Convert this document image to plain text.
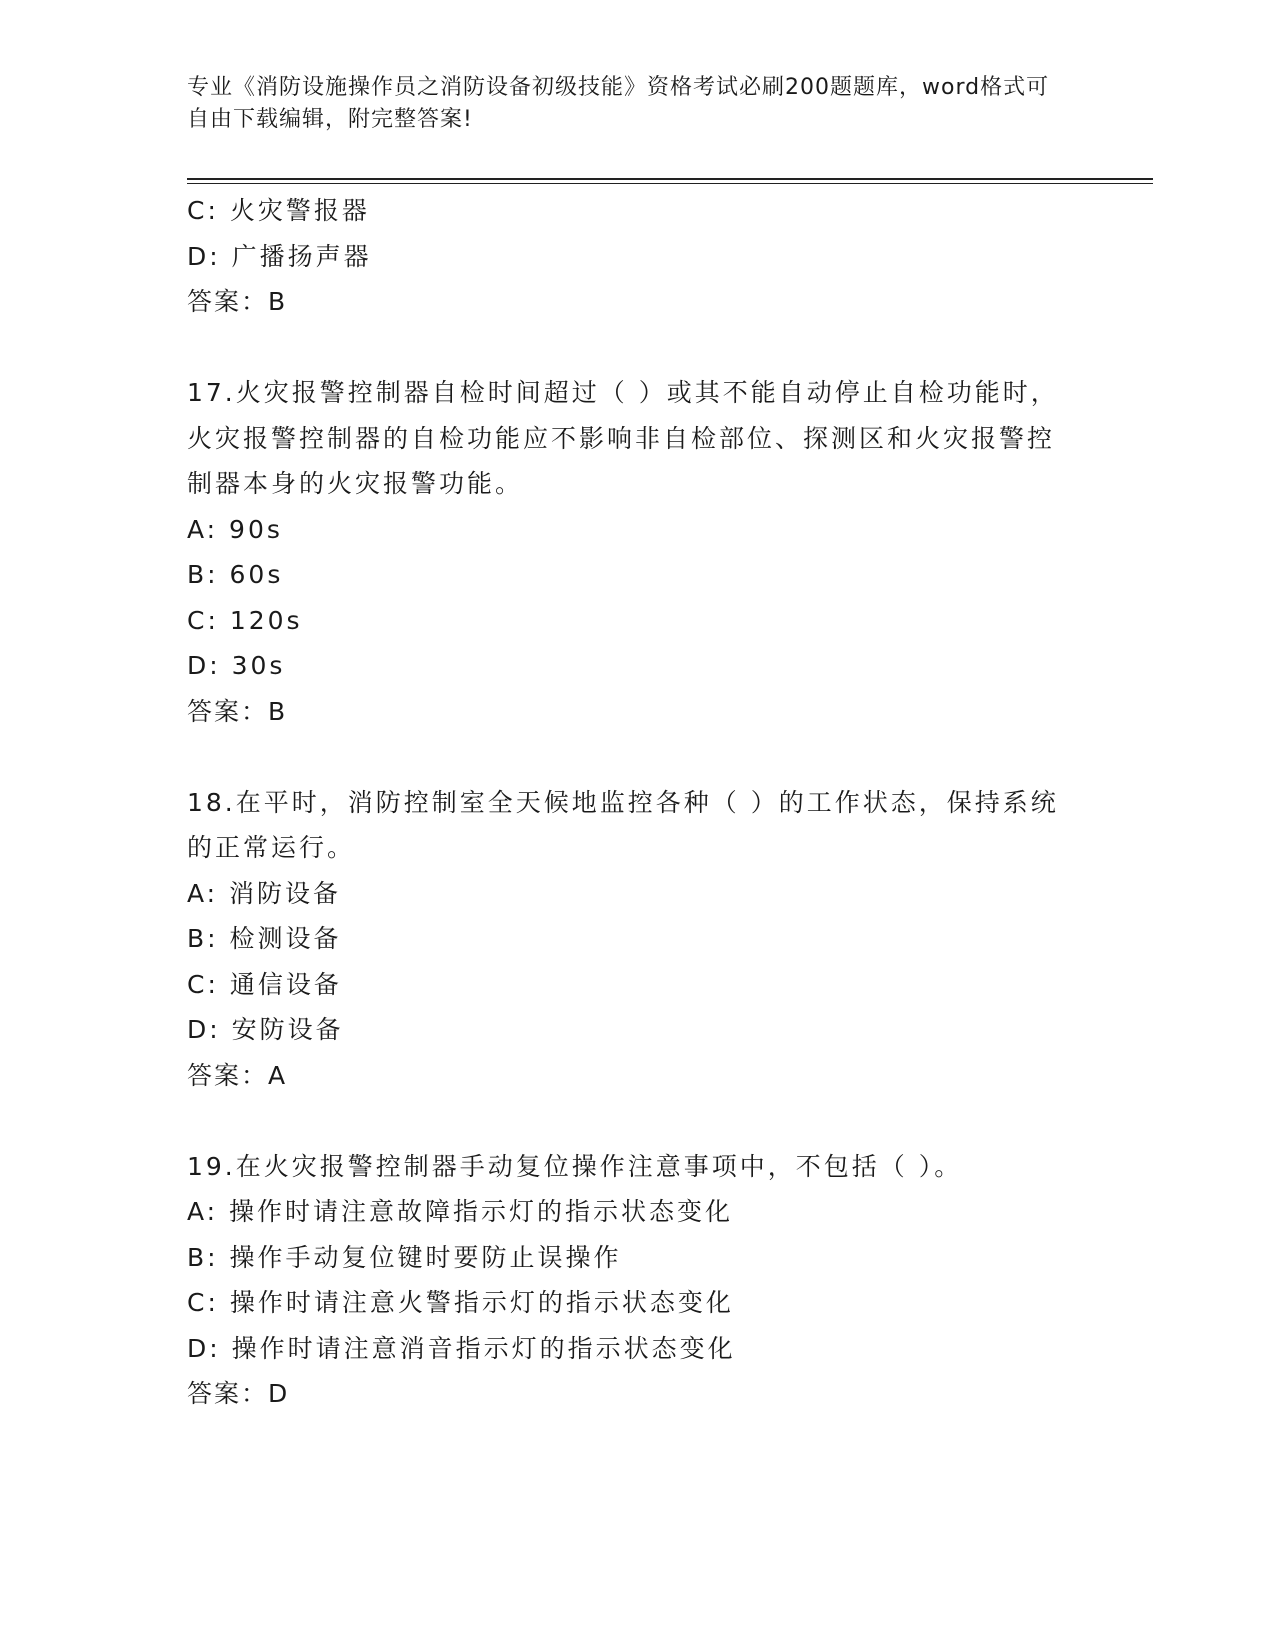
专业《消防设施操作员之消防设备初级技能》资格考试必刷200题题库，word格式可自由下载编辑，附完整答案!
C: 火灾警报器
D: 广播扬声器
答案：B
17.火灾报警控制器自检时间超过（ ）或其不能自动停止自检功能时，火灾报警控制器的自检功能应不影响非自检部位、探测区和火灾报警控制器本身的火灾报警功能。
A: 90s
B: 60s
C: 120s
D: 30s
答案：B
18.在平时，消防控制室全天候地监控各种（ ）的工作状态，保持系统的正常运行。
A: 消防设备
B: 检测设备
C: 通信设备
D: 安防设备
答案：A
19.在火灾报警控制器手动复位操作注意事项中，不包括（ ）。
A: 操作时请注意故障指示灯的指示状态变化
B: 操作手动复位键时要防止误操作
C: 操作时请注意火警指示灯的指示状态变化
D: 操作时请注意消音指示灯的指示状态变化
答案：D
